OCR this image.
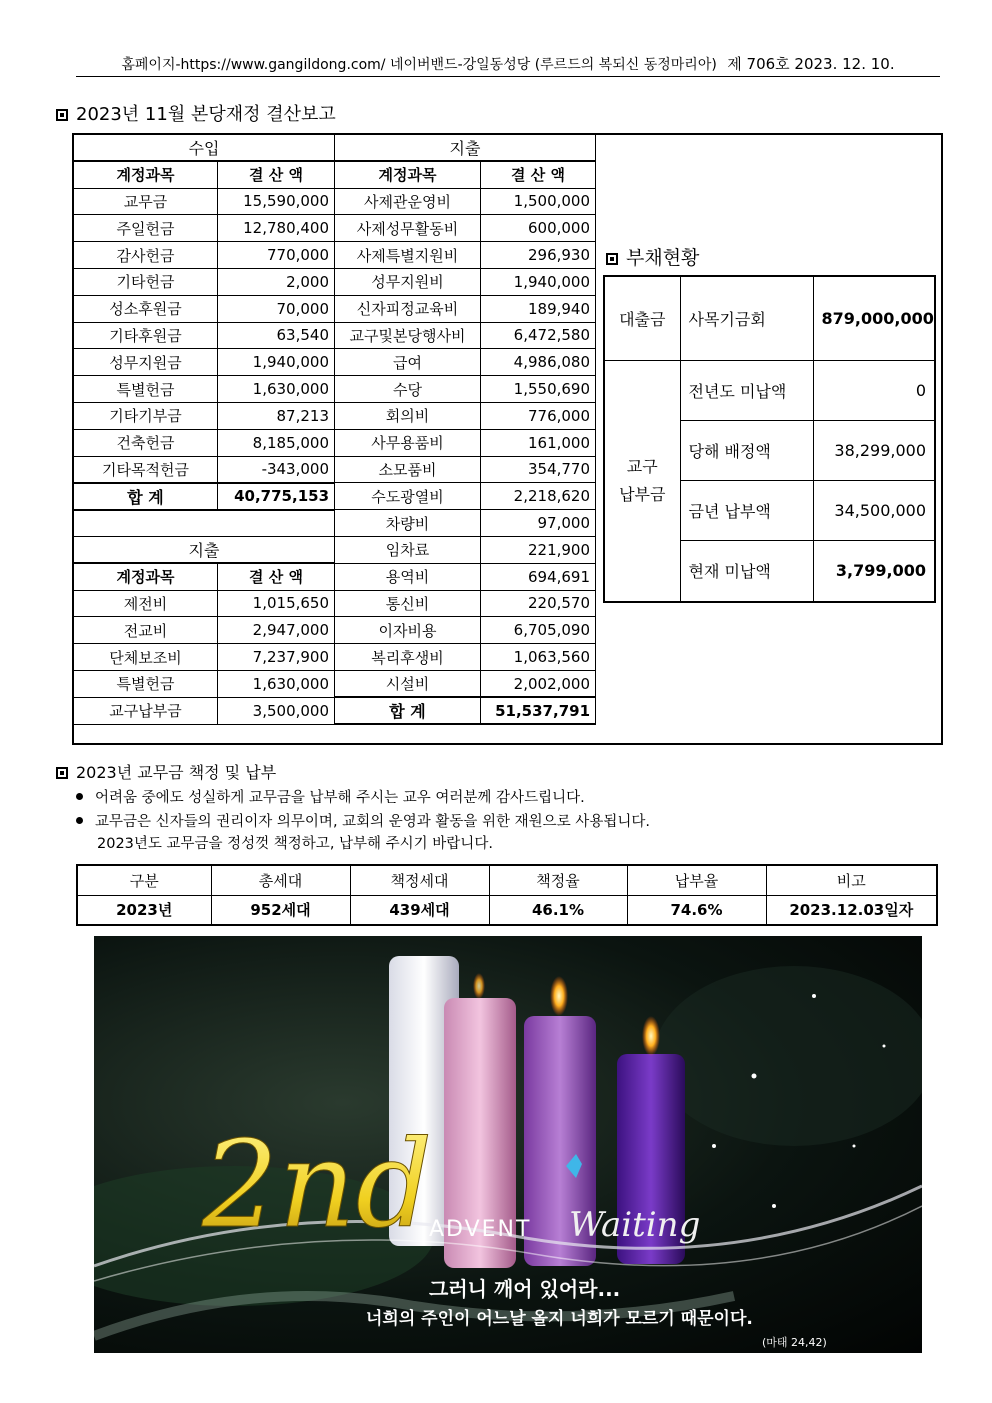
홈페이지-https://www.gangildong.com/ 네이버밴드-강일동성당 (루르드의 복되신 동정마리아) 제 706호 2023. 12. 10.
2023년 11월 본당재정 결산보고
수입	
계정과목	결 산 액
교무금	15,590,000
주일헌금	12,780,400
감사헌금	770,000
기타헌금	2,000
성소후원금	70,000
기타후원금	63,540
성무지원금	1,940,000
특별헌금	1,630,000
기타기부금	87,213
건축헌금	8,185,000
기타목적헌금	-343,000
합 계	40,775,153

지출	
계정과목	결 산 액
제전비	1,015,650
전교비	2,947,000
단체보조비	7,237,900
특별헌금	1,630,000
교구납부금	3,500,000
지출	
계정과목	결 산 액
사제관운영비	1,500,000
사제성무활동비	600,000
사제특별지원비	296,930
성무지원비	1,940,000
신자피정교육비	189,940
교구및본당행사비	6,472,580
급여	4,986,080
수당	1,550,690
회의비	776,000
사무용품비	161,000
소모품비	354,770
수도광열비	2,218,620
차량비	97,000
임차료	221,900
용역비	694,691
통신비	220,570
이자비용	6,705,090
복리후생비	1,063,560
시설비	2,002,000
합 계	51,537,791
부채현황
대출금	사목기금회	879,000,000
교구
납부금	전년도 미납액	0
	당해 배정액	38,299,000
	금년 납부액	34,500,000
	현재 미납액	3,799,000
2023년 교무금 책정 및 납부
어려움 중에도 성실하게 교무금을 납부해 주시는 교우 여러분께 감사드립니다.
교무금은 신자들의 권리이자 의무이며, 교회의 운영과 활동을 위한 재원으로 사용됩니다.
2023년도 교무금을 정성껏 책정하고, 납부해 주시기 바랍니다.
구분	총세대	책정세대	책정율	납부율	비고
2023년	952세대	439세대	46.1%	74.6%	2023.12.03일자
2nd
ADVENT Waiting
그러니 깨어 있어라...
너희의 주인이 어느날 올지 너희가 모르기 때문이다.
(마태 24,42)
